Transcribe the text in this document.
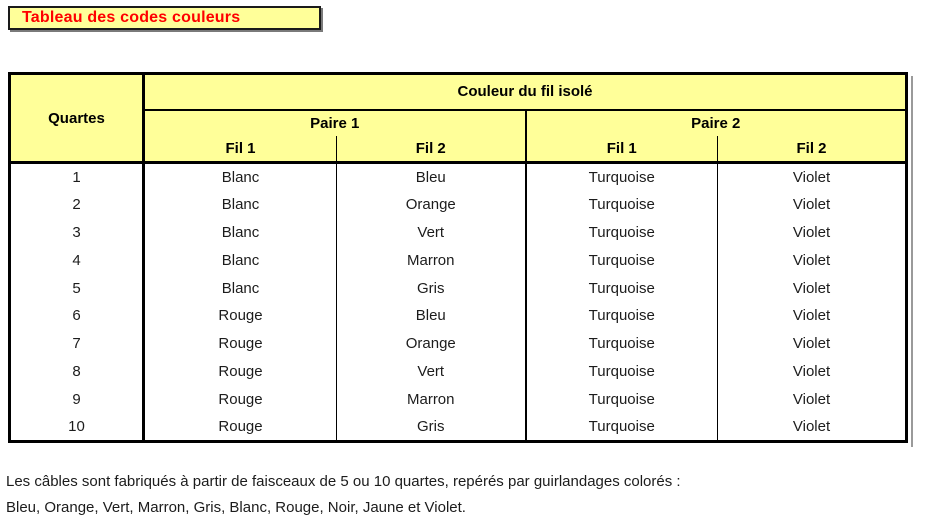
Tableau des codes couleurs
Quartes	Couleur du fil isolé			
	Paire 1		Paire 2	
	Fil 1	Fil 2	Fil 1	Fil 2
1	Blanc	Bleu	Turquoise	Violet
2	Blanc	Orange	Turquoise	Violet
3	Blanc	Vert	Turquoise	Violet
4	Blanc	Marron	Turquoise	Violet
5	Blanc	Gris	Turquoise	Violet
6	Rouge	Bleu	Turquoise	Violet
7	Rouge	Orange	Turquoise	Violet
8	Rouge	Vert	Turquoise	Violet
9	Rouge	Marron	Turquoise	Violet
10	Rouge	Gris	Turquoise	Violet
Les câbles sont fabriqués à partir de faisceaux de 5 ou 10 quartes, repérés par guirlandages colorés :
Bleu, Orange, Vert, Marron, Gris, Blanc, Rouge, Noir, Jaune et Violet.
